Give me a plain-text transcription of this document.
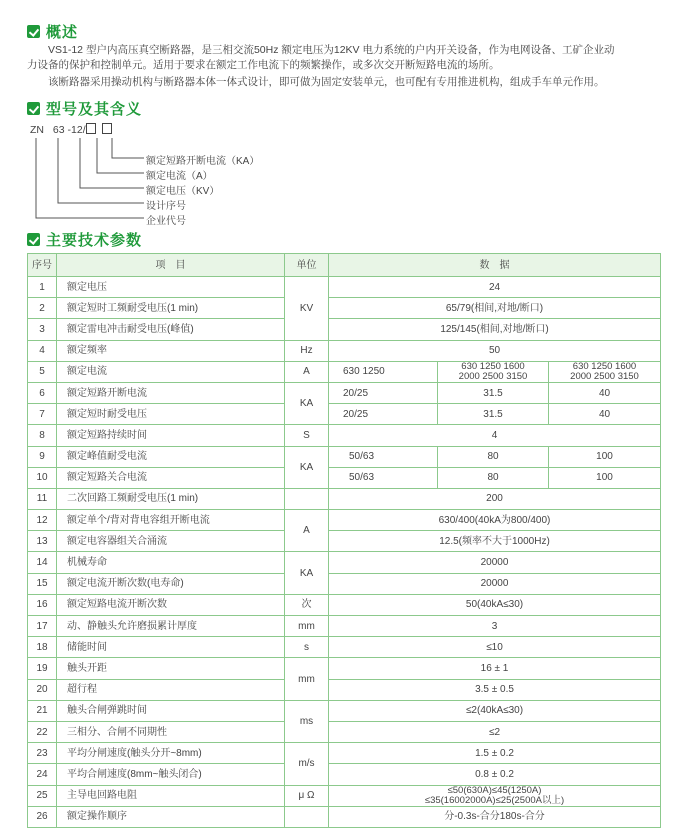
概述
VS1-12 型户内高压真空断路器，是三相交流50Hz 额定电压为12KV 电力系统的户内开关设备，作为电网设备、工矿企业动
力设备的保护和控制单元。适用于要求在额定工作电流下的频繁操作，或多次交开断短路电流的场所。
该断路器采用操动机构与断路器本体一体式设计，即可做为固定安装单元，也可配有专用推进机构，组成手车单元作用。
型号及其含义
ZN 63 -12/
额定短路开断电流（KA）
额定电流（A）
额定电压（KV）
设计序号
企业代号
主要技术参数
序号	项　目	单位	数　据		
1	额定电压	KV	24		
2	额定短时工频耐受电压(1 min)		65/79(相间,对地/断口)		
3	额定雷电冲击耐受电压(峰值)		125/145(相间,对地/断口)		
4	额定频率	Hz	50		
5	额定电流	A	630 1250	630 1250 1600
2000 2500 3150	630 1250 1600
2000 2500 3150
6	额定短路开断电流	KA	20/25	31.5	40
7	额定短时耐受电压		20/25	31.5	40
8	额定短路持续时间	S	4		
9	额定峰值耐受电流	KA	50/63	80	100
10	额定短路关合电流		50/63	80	100
11	二次回路工频耐受电压(1 min)		200		
12	额定单个/背对背电容组开断电流	A	630/400(40kA为800/400)		
13	额定电容器组关合涌流		12.5(频率不大于1000Hz)		
14	机械寿命	KA	20000		
15	额定电流开断次数(电寿命)		20000		
16	额定短路电流开断次数	次	50(40kA≤30)		
17	动、静触头允许磨损累计厚度	mm	3		
18	储能时间	s	≤10		
19	触头开距	mm	16 ± 1		
20	超行程		3.5 ± 0.5		
21	触头合闸弹跳时间	ms	≤2(40kA≤30)		
22	三相分、合闸不同期性		≤2		
23	平均分闸速度(触头分开~8mm)	m/s	1.5 ± 0.2		
24	平均合闸速度(8mm~触头闭合)		0.8 ± 0.2		
25	主导电回路电阻	μ Ω	≤50(630A)≤45(1250A)
≤35(16002000A)≤25(2500A以上)		
26	额定操作顺序		分-0.3s-合分180s-合分		
